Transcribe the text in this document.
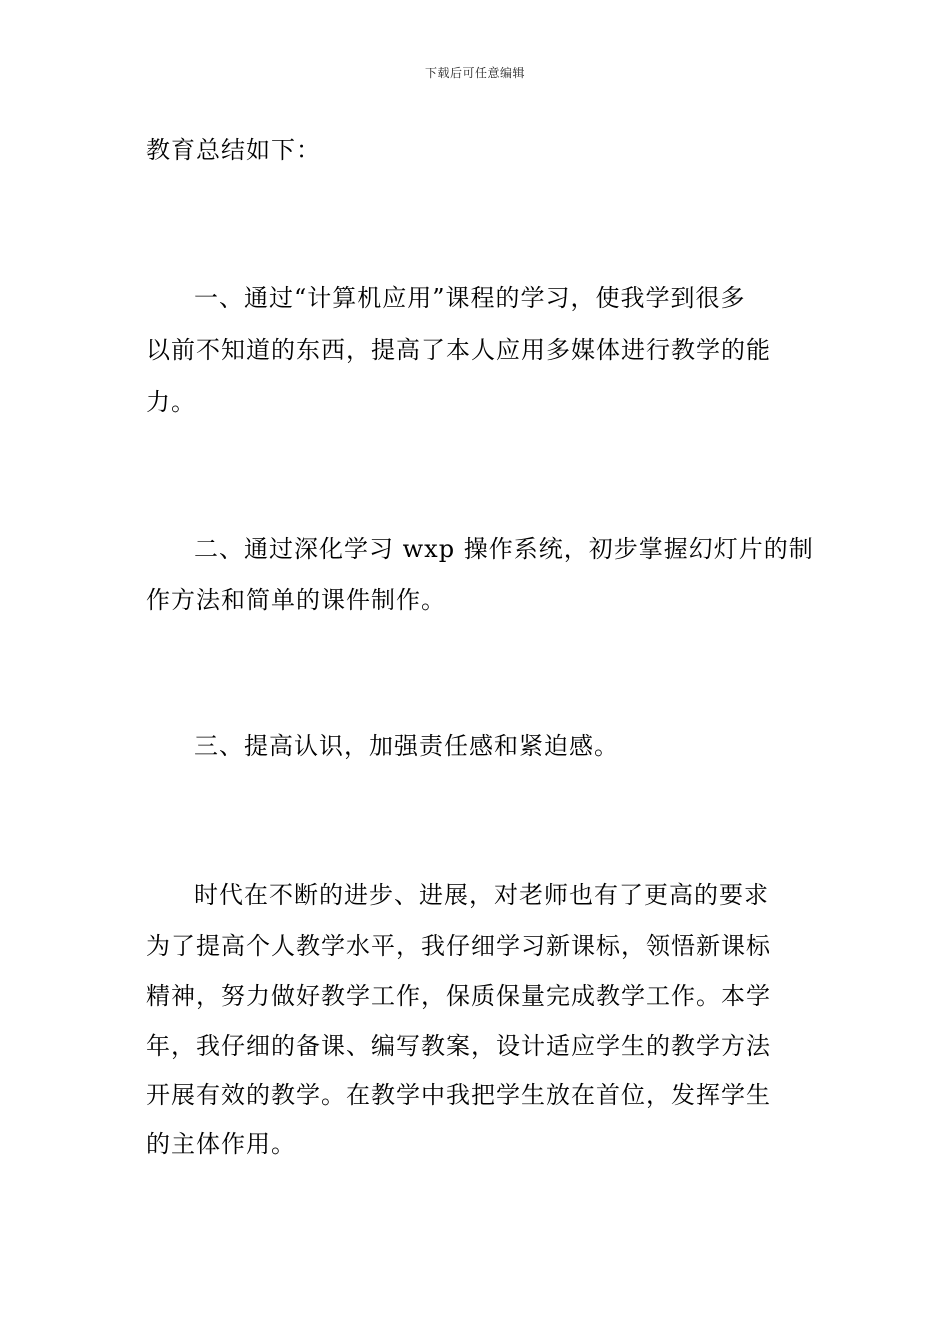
下载后可任意编辑
教育总结如下：
一、通过“计算机应用”课程的学习，使我学到很多
以前不知道的东西，提高了本人应用多媒体进行教学的能
力。
二、通过深化学习 wxp 操作系统，初步掌握幻灯片的制
作方法和简单的课件制作。
三、提高认识，加强责任感和紧迫感。
时代在不断的进步、进展，对老师也有了更高的要求
为了提高个人教学水平，我仔细学习新课标，领悟新课标
精神，努力做好教学工作，保质保量完成教学工作。本学
年，我仔细的备课、编写教案，设计适应学生的教学方法
开展有效的教学。在教学中我把学生放在首位，发挥学生
的主体作用。
